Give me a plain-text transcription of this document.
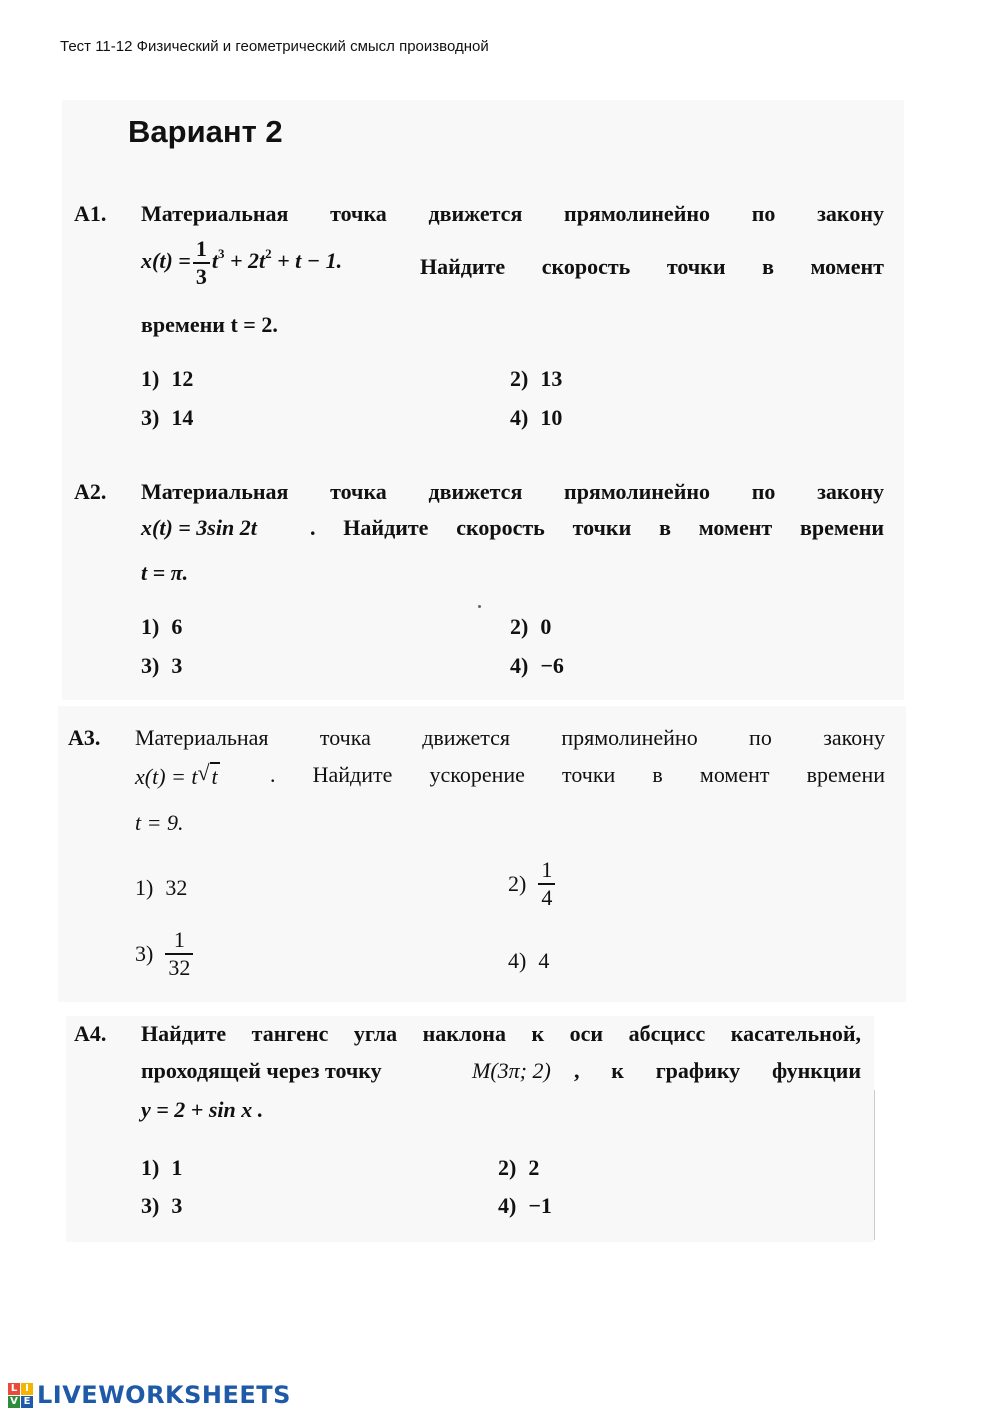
Тест 11-12 Физический и геометрический смысл производной
Вариант 2
А1. Материальная точка движется прямолинейно по закону
$x(t) = \frac{1}{3} t^3 + 2t^2 + t - 1$.	Найдите скорость точки в момент
времени t = 2.
1) 12	2) 13
3) 14	4) 10
А2. Материальная точка движется прямолинейно по закону
x(t) = 3sin 2t . Найдите скорость точки в момент времени
t = π.
1) 6	2) 0
3) 3	4) −6
А3. Материальная точка движется прямолинейно по закону
x(t) = t √ t . Найдите ускорение точки в момент времени
t = 9.
1) 32	$2) \frac{1}{4}$
$3) \frac{1}{32}$	4) 4
А4. Найдите тангенс угла наклона к оси абсцисс касательной,
проходящей через точку	M(3π; 2) , к графику функции
y = 2 + sin x .
1) 1	2) 2
3) 3	4) −1
L I
V E LIVEWORKSHEETS
